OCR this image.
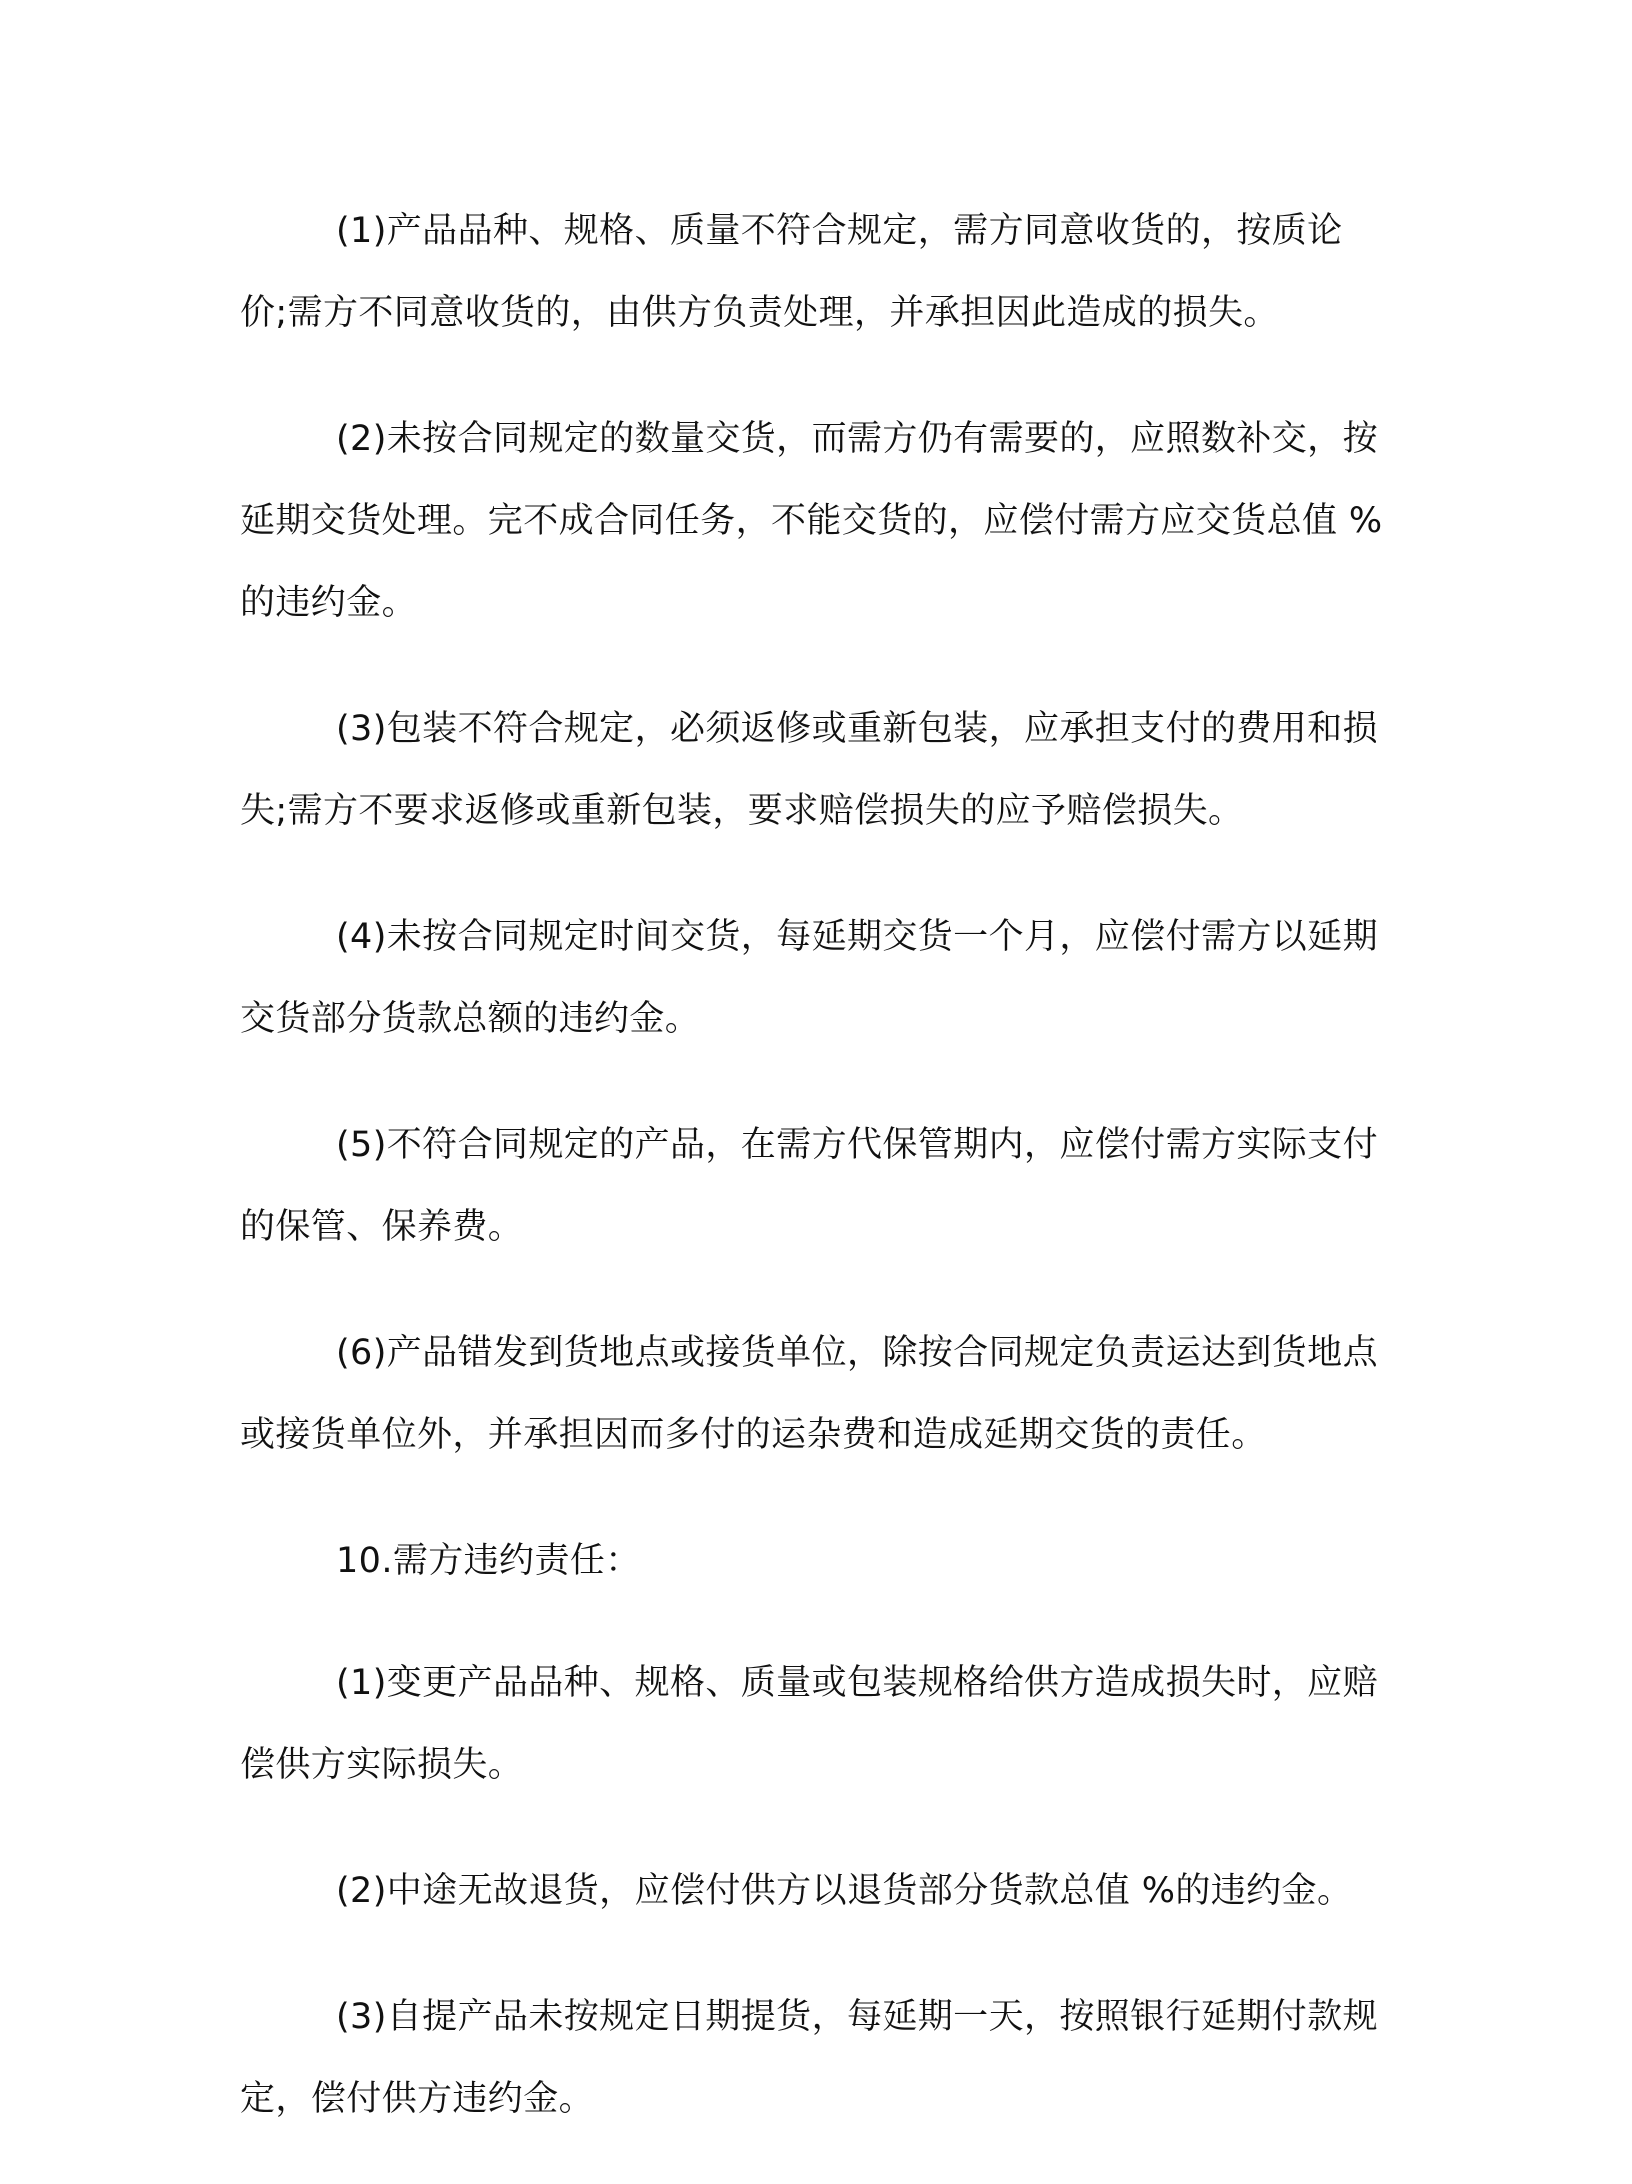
(1)产品品种、规格、质量不符合规定，需方同意收货的，按质论价;需方不同意收货的，由供方负责处理，并承担因此造成的损失。

(2)未按合同规定的数量交货，而需方仍有需要的，应照数补交，按延期交货处理。完不成合同任务，不能交货的，应偿付需方应交货总值 %的违约金。

(3)包装不符合规定，必须返修或重新包装，应承担支付的费用和损失;需方不要求返修或重新包装，要求赔偿损失的应予赔偿损失。

(4)未按合同规定时间交货，每延期交货一个月，应偿付需方以延期交货部分货款总额的违约金。

(5)不符合同规定的产品，在需方代保管期内，应偿付需方实际支付的保管、保养费。

(6)产品错发到货地点或接货单位，除按合同规定负责运达到货地点或接货单位外，并承担因而多付的运杂费和造成延期交货的责任。

10.需方违约责任：

(1)变更产品品种、规格、质量或包装规格给供方造成损失时，应赔偿供方实际损失。

(2)中途无故退货，应偿付供方以退货部分货款总值 %的违约金。

(3)自提产品未按规定日期提货，每延期一天，按照银行延期付款规定，偿付供方违约金。
